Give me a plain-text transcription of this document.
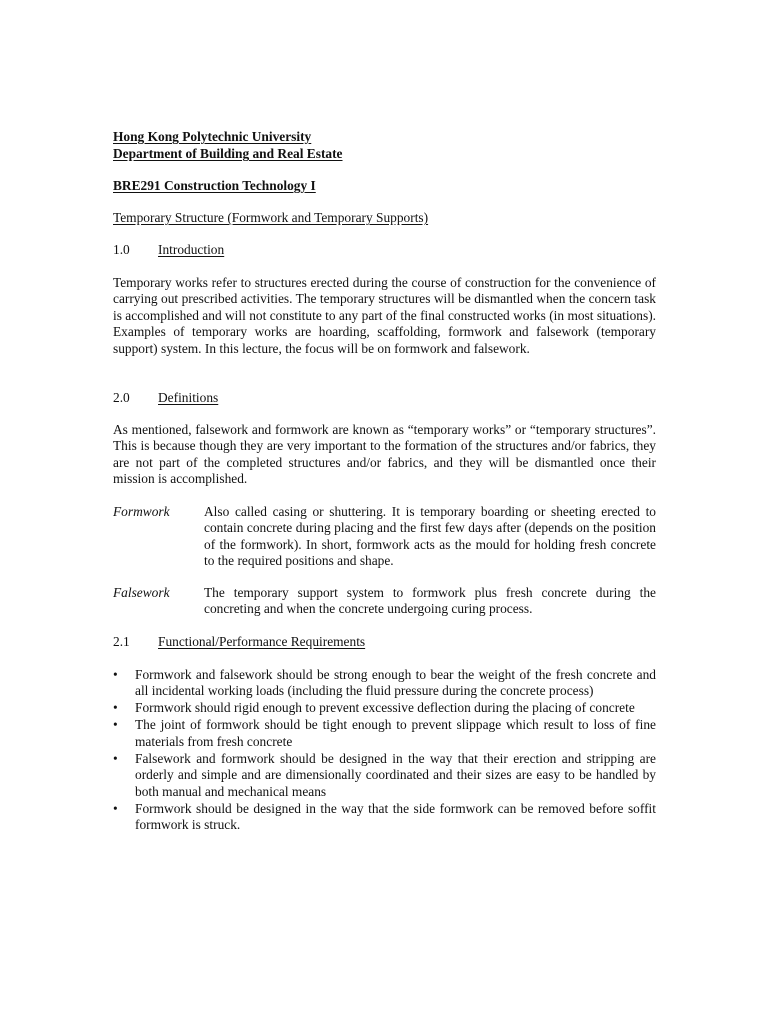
Hong Kong Polytechnic University
Department of Building and Real Estate
BRE291 Construction Technology I
Temporary Structure (Formwork and Temporary Supports)
1.0 Introduction

Temporary works refer to structures erected during the course of construction for the convenience of carrying out prescribed activities. The temporary structures will be dismantled when the concern task is accomplished and will not constitute to any part of the final constructed works (in most situations). Examples of temporary works are hoarding, scaffolding, formwork and falsework (temporary support) system. In this lecture, the focus will be on formwork and falsework.

2.0 Definitions

As mentioned, falsework and formwork are known as “temporary works” or “temporary structures”. This is because though they are very important to the formation of the structures and/or fabrics, they are not part of the completed structures and/or fabrics, and they will be dismantled once their mission is accomplished.

Formwork	Also called casing or shuttering. It is temporary boarding or sheeting erected to contain concrete during placing and the first few days after (depends on the position of the formwork). In short, formwork acts as the mould for holding fresh concrete to the required positions and shape.

Falsework	The temporary support system to formwork plus fresh concrete during the concreting and when the concrete undergoing curing process.

2.1 Functional/Performance Requirements
•	Formwork and falsework should be strong enough to bear the weight of the fresh concrete and all incidental working loads (including the fluid pressure during the concrete process)
•	Formwork should rigid enough to prevent excessive deflection during the placing of concrete
•	The joint of formwork should be tight enough to prevent slippage which result to loss of fine materials from fresh concrete
•	Falsework and formwork should be designed in the way that their erection and stripping are orderly and simple and are dimensionally coordinated and their sizes are easy to be handled by both manual and mechanical means
•	Formwork should be designed in the way that the side formwork can be removed before soffit formwork is struck.
